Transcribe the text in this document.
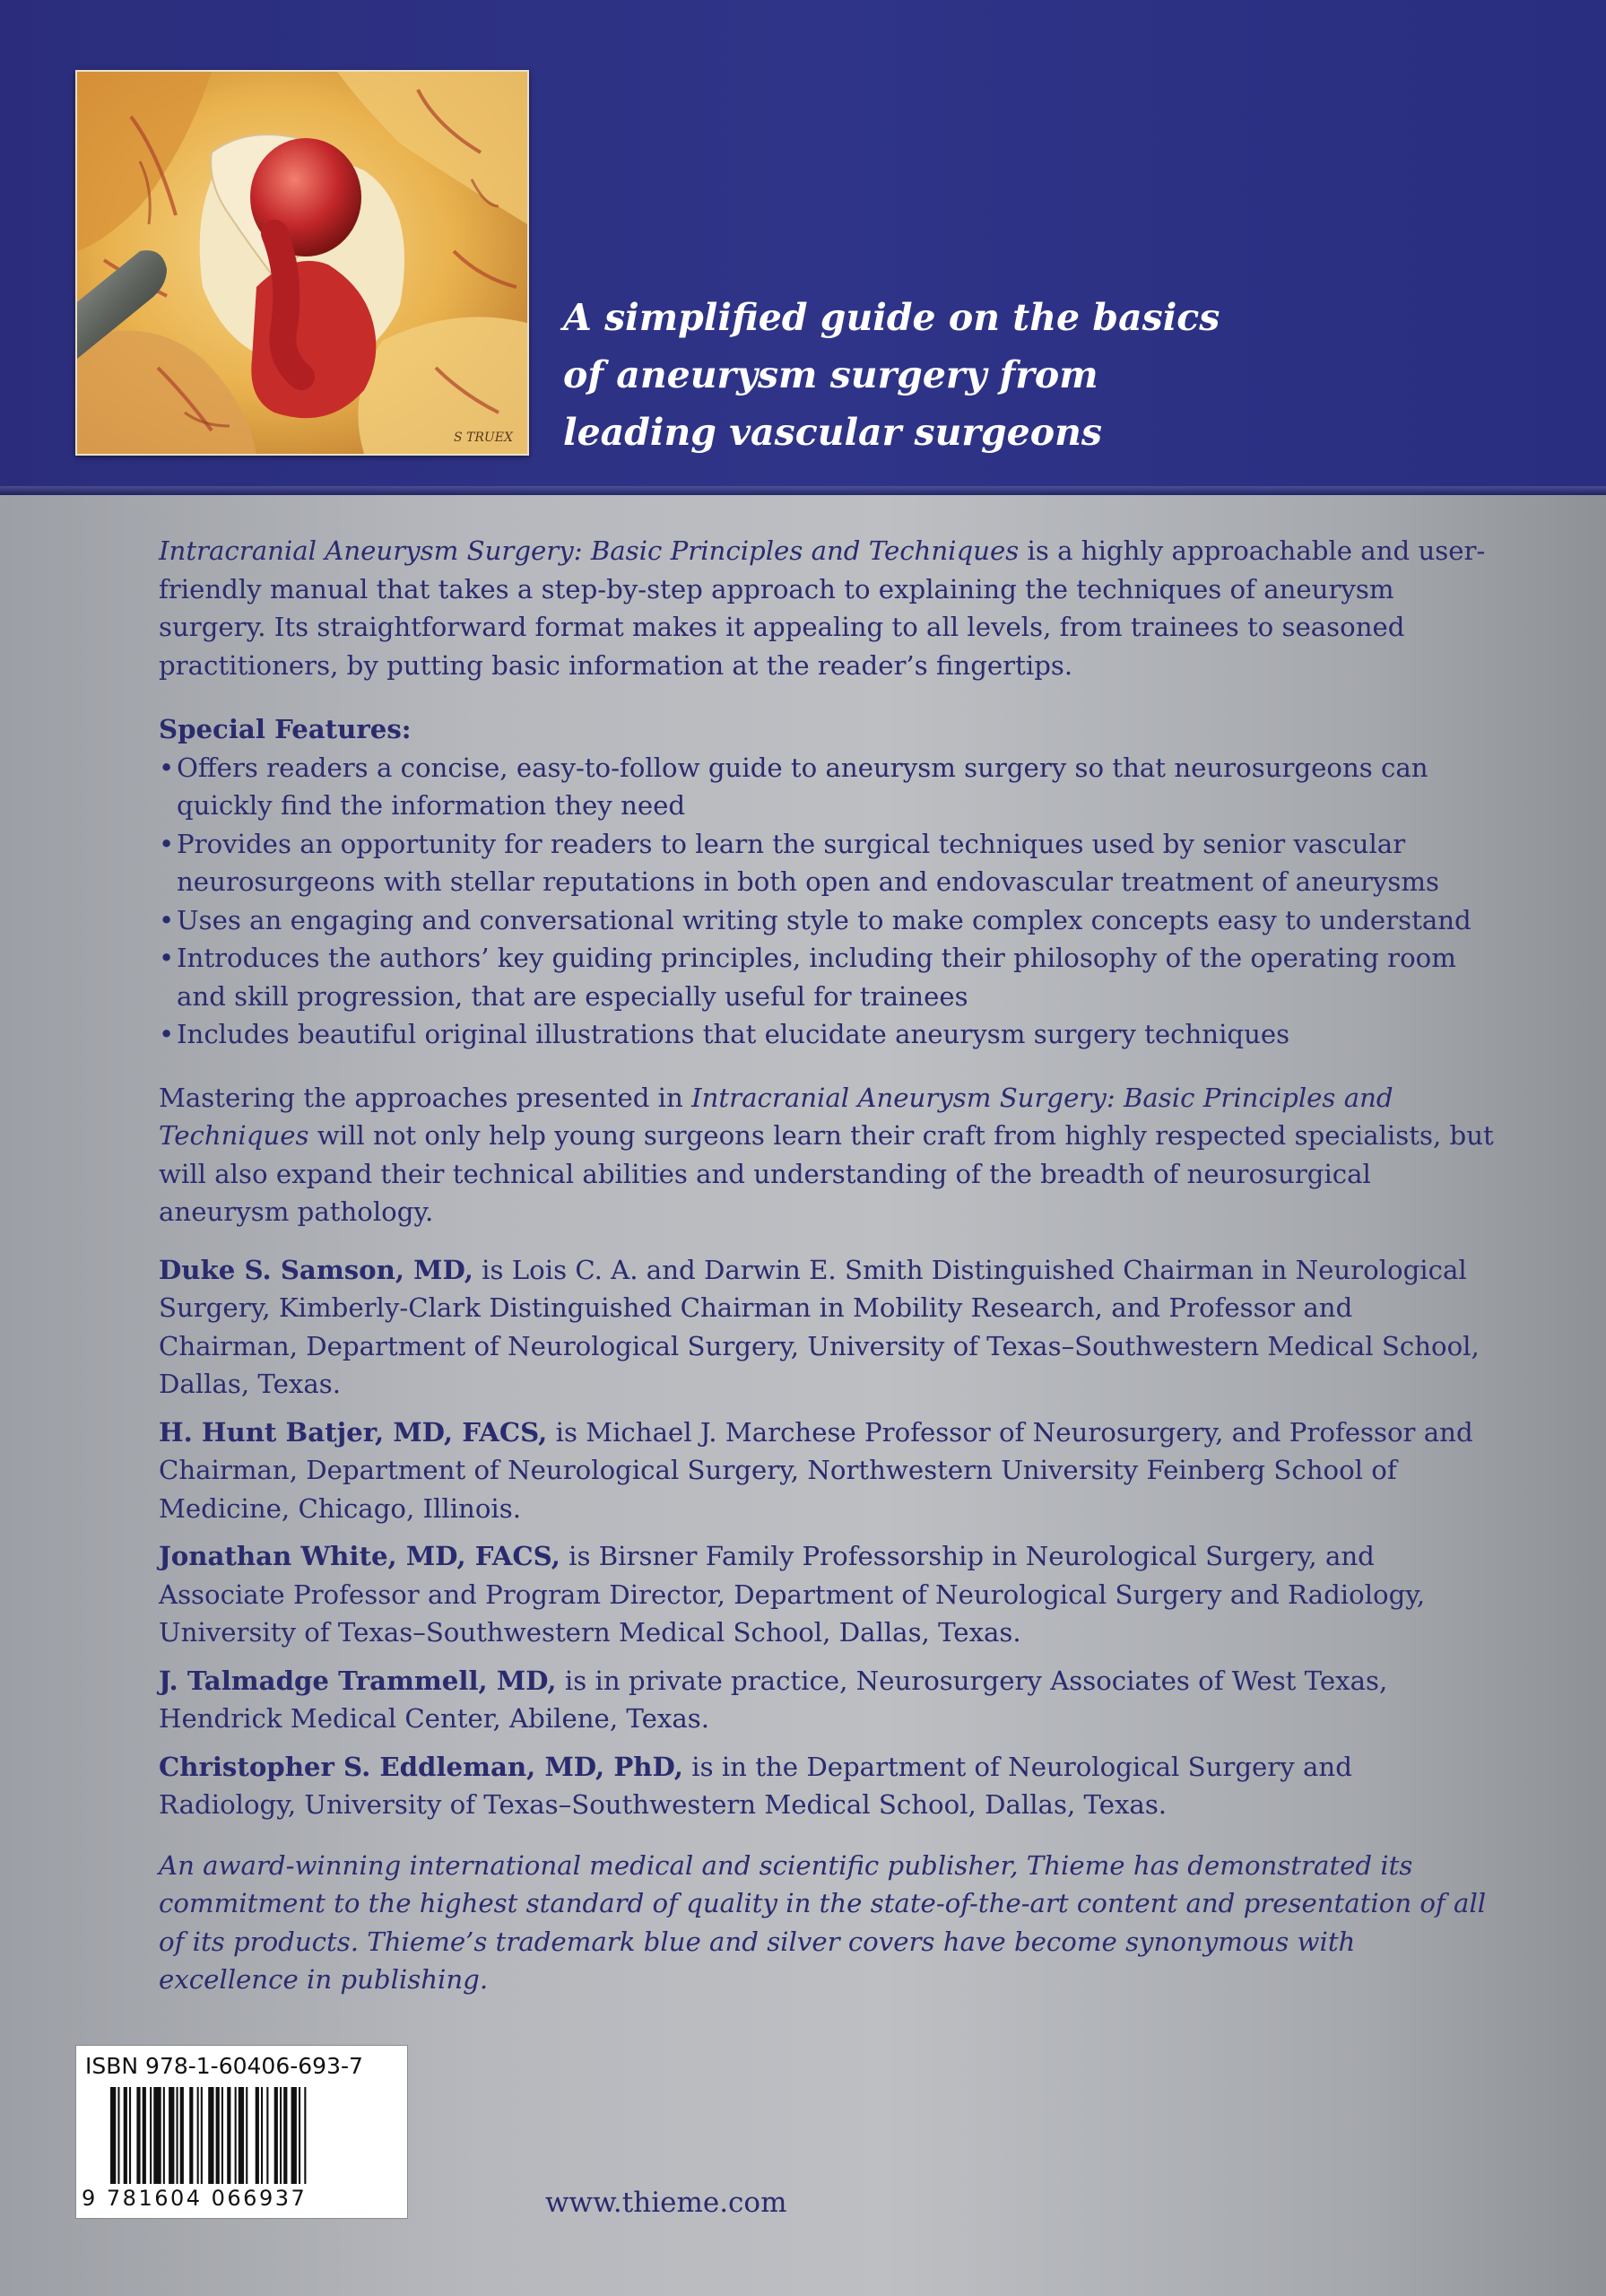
S TRUEX
A simplified guide on the basics
of aneurysm surgery from
leading vascular surgeons

Intracranial Aneurysm Surgery: Basic Principles and Techniques is a highly approachable and user-friendly manual that takes a step-by-step approach to explaining the techniques of aneurysm surgery. Its straightforward format makes it appealing to all levels, from trainees to seasoned practitioners, by putting basic information at the reader’s fingertips.

Special Features:

• Offers readers a concise, easy-to-follow guide to aneurysm surgery so that neurosurgeons can quickly find the information they need
• Provides an opportunity for readers to learn the surgical techniques used by senior vascular neurosurgeons with stellar reputations in both open and endovascular treatment of aneurysms
• Uses an engaging and conversational writing style to make complex concepts easy to understand
• Introduces the authors’ key guiding principles, including their philosophy of the operating room and skill progression, that are especially useful for trainees
• Includes beautiful original illustrations that elucidate aneurysm surgery techniques

Mastering the approaches presented in Intracranial Aneurysm Surgery: Basic Principles and Techniques will not only help young surgeons learn their craft from highly respected specialists, but will also expand their technical abilities and understanding of the breadth of neurosurgical aneurysm pathology.

Duke S. Samson, MD, is Lois C. A. and Darwin E. Smith Distinguished Chairman in Neurological Surgery, Kimberly-Clark Distinguished Chairman in Mobility Research, and Professor and Chairman, Department of Neurological Surgery, University of Texas–Southwestern Medical School, Dallas, Texas.

H. Hunt Batjer, MD, FACS, is Michael J. Marchese Professor of Neurosurgery, and Professor and Chairman, Department of Neurological Surgery, Northwestern University Feinberg School of Medicine, Chicago, Illinois.

Jonathan White, MD, FACS, is Birsner Family Professorship in Neurological Surgery, and Associate Professor and Program Director, Department of Neurological Surgery and Radiology, University of Texas–Southwestern Medical School, Dallas, Texas.

J. Talmadge Trammell, MD, is in private practice, Neurosurgery Associates of West Texas, Hendrick Medical Center, Abilene, Texas.

Christopher S. Eddleman, MD, PhD, is in the Department of Neurological Surgery and Radiology, University of Texas–Southwestern Medical School, Dallas, Texas.

An award-winning international medical and scientific publisher, Thieme has demonstrated its commitment to the highest standard of quality in the state-of-the-art content and presentation of all of its products. Thieme’s trademark blue and silver covers have become synonymous with excellence in publishing.

ISBN 978-1-60406-693-7

9 781604 066937	www.thieme.com
